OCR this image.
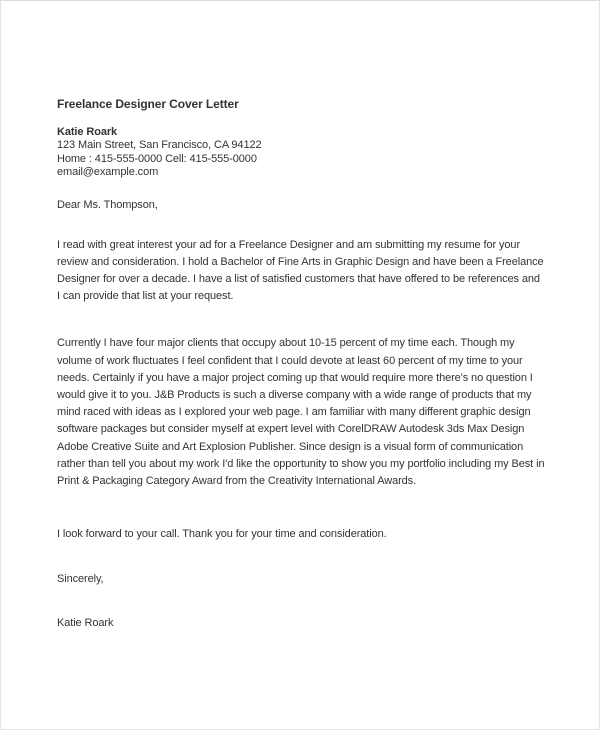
Freelance Designer Cover Letter
Katie Roark
123 Main Street, San Francisco, CA 94122
Home : 415-555-0000 Cell: 415-555-0000
email@example.com
Dear Ms. Thompson,
I read with great interest your ad for a Freelance Designer and am submitting my resume for your review and consideration. I hold a Bachelor of Fine Arts in Graphic Design and have been a Freelance Designer for over a decade. I have a list of satisfied customers that have offered to be references and I can provide that list at your request.
Currently I have four major clients that occupy about 10-15 percent of my time each. Though my volume of work fluctuates I feel confident that I could devote at least 60 percent of my time to your needs. Certainly if you have a major project coming up that would require more there's no question I would give it to you. J&B Products is such a diverse company with a wide range of products that my mind raced with ideas as I explored your web page. I am familiar with many different graphic design software packages but consider myself at expert level with CorelDRAW Autodesk 3ds Max Design Adobe Creative Suite and Art Explosion Publisher. Since design is a visual form of communication rather than tell you about my work I'd like the opportunity to show you my portfolio including my Best in Print & Packaging Category Award from the Creativity International Awards.
I look forward to your call. Thank you for your time and consideration.
Sincerely,
Katie Roark
